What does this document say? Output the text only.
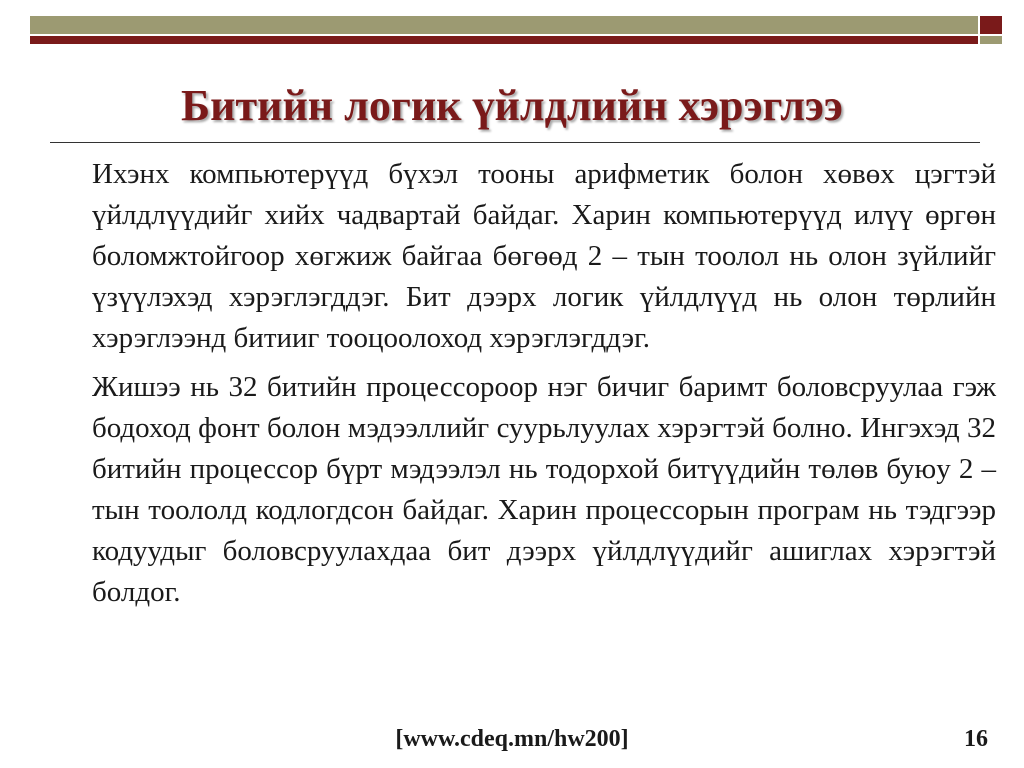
Битийн логик үйлдлийн хэрэглээ

Ихэнх компьютерүүд бүхэл тооны арифметик болон хөвөх цэгтэй үйлдлүүдийг хийх чадвартай байдаг. Харин компьютерүүд илүү өргөн боломжтойгоор хөгжиж байгаа бөгөөд 2 – тын тоолол нь олон зүйлийг үзүүлэхэд хэрэглэгддэг. Бит дээрх логик үйлдлүүд нь олон төрлийн хэрэглээнд битииг тооцоолоход хэрэглэгддэг.

Жишээ нь 32 битийн процессороор нэг бичиг баримт боловсруулаа гэж бодоход фонт болон мэдээллийг суурьлуулах хэрэгтэй болно. Ингэхэд 32 битийн процессор бүрт мэдээлэл нь тодорхой битүүдийн төлөв буюу 2 – тын тоололд кодлогдсон байдаг. Харин процессорын програм нь тэдгээр кодуудыг боловсруулахдаа бит дээрх үйлдлүүдийг ашиглах хэрэгтэй болдог.

[www.cdeq.mn/hw200]	16
